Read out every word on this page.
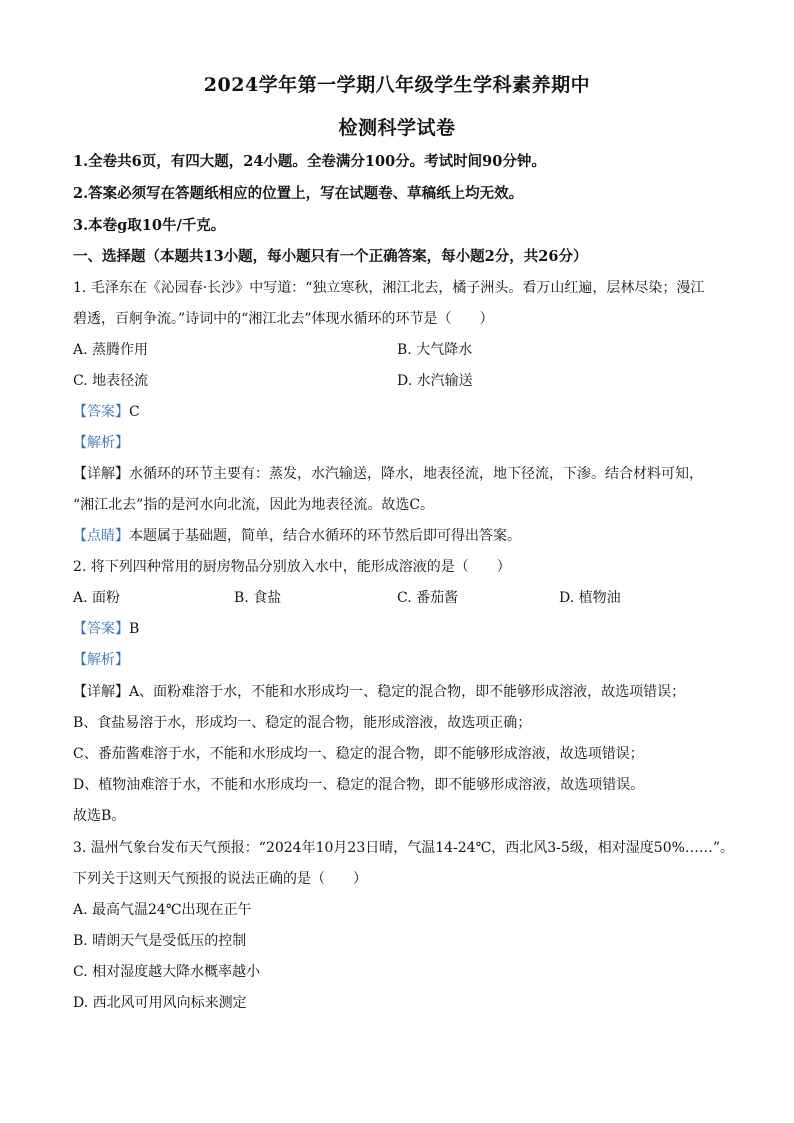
2024学年第一学期八年级学生学科素养期中
检测科学试卷
1.全卷共6页，有四大题，24小题。全卷满分100分。考试时间90分钟。
2.答案必须写在答题纸相应的位置上，写在试题卷、草稿纸上均无效。
3.本卷g取10牛/千克。
一、选择题（本题共13小题，每小题只有一个正确答案，每小题2分，共26分）
1. 毛泽东在《沁园春·长沙》中写道：“独立寒秋，湘江北去，橘子洲头。看万山红遍，层林尽染；漫江
碧透，百舸争流。”诗词中的“湘江北去”体现水循环的环节是（　　）
A. 蒸腾作用	B. 大气降水
C. 地表径流	D. 水汽输送
【答案】C
【解析】
【详解】水循环的环节主要有：蒸发，水汽输送，降水，地表径流，地下径流，下渗。结合材料可知，
“湘江北去”指的是河水向北流，因此为地表径流。故选C。
【点睛】本题属于基础题，简单，结合水循环的环节然后即可得出答案。
2. 将下列四种常用的厨房物品分别放入水中，能形成溶液的是（　　）
A. 面粉	B. 食盐	C. 番茄酱	D. 植物油
【答案】B
【解析】
【详解】A、面粉难溶于水，不能和水形成均一、稳定的混合物，即不能够形成溶液，故选项错误；
B、食盐易溶于水，形成均一、稳定的混合物，能形成溶液，故选项正确；
C、番茄酱难溶于水，不能和水形成均一、稳定的混合物，即不能够形成溶液，故选项错误；
D、植物油难溶于水，不能和水形成均一、稳定的混合物，即不能够形成溶液，故选项错误。
故选B。
3. 温州气象台发布天气预报：“2024年10月23日晴，气温14-24℃，西北风3-5级，相对湿度50%……”。
下列关于这则天气预报的说法正确的是（　　）
A. 最高气温24℃出现在正午
B. 晴朗天气是受低压的控制
C. 相对湿度越大降水概率越小
D. 西北风可用风向标来测定
